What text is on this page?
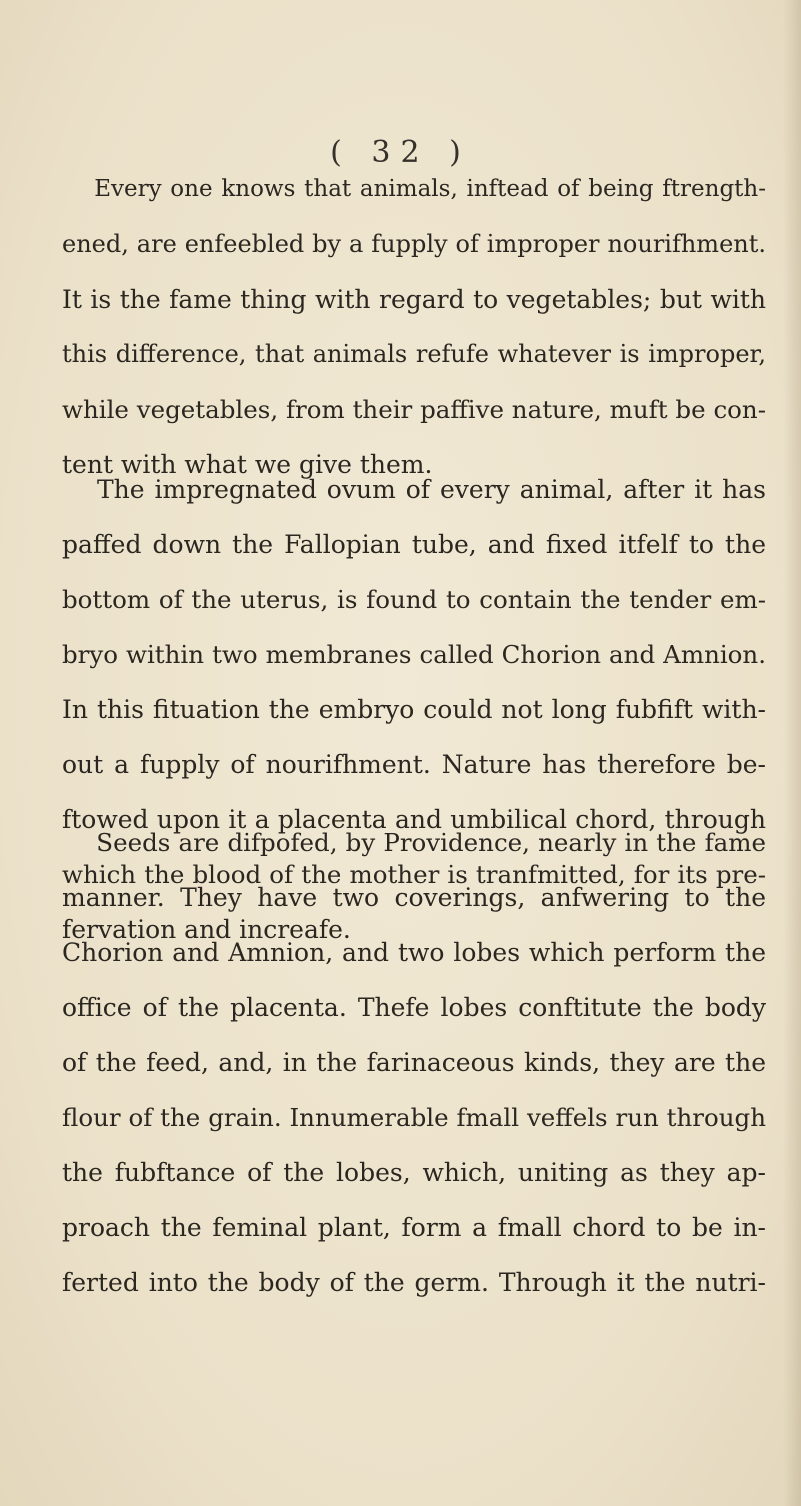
( 32 )
Every one knows that animals, inftead of being ftrength-
ened, are enfeebled by a fupply of improper nourifhment.
It is the fame thing with regard to vegetables; but with
this difference, that animals refufe whatever is improper,
while vegetables, from their paffive nature, muft be con-
tent with what we give them.
The impregnated ovum of every animal, after it has
paffed down the Fallopian tube, and fixed itfelf to the
bottom of the uterus, is found to contain the tender em-
bryo within two membranes called Chorion and Amnion.
In this fituation the embryo could not long fubfift with-
out a fupply of nourifhment. Nature has therefore be-
ftowed upon it a placenta and umbilical chord, through
which the blood of the mother is tranfmitted, for its pre-
fervation and increafe.
Seeds are difpofed, by Providence, nearly in the fame
manner. They have two coverings, anfwering to the
Chorion and Amnion, and two lobes which perform the
office of the placenta. Thefe lobes conftitute the body
of the feed, and, in the farinaceous kinds, they are the
flour of the grain. Innumerable fmall veffels run through
the fubftance of the lobes, which, uniting as they ap-
proach the feminal plant, form a fmall chord to be in-
ferted into the body of the germ. Through it the nutri-
